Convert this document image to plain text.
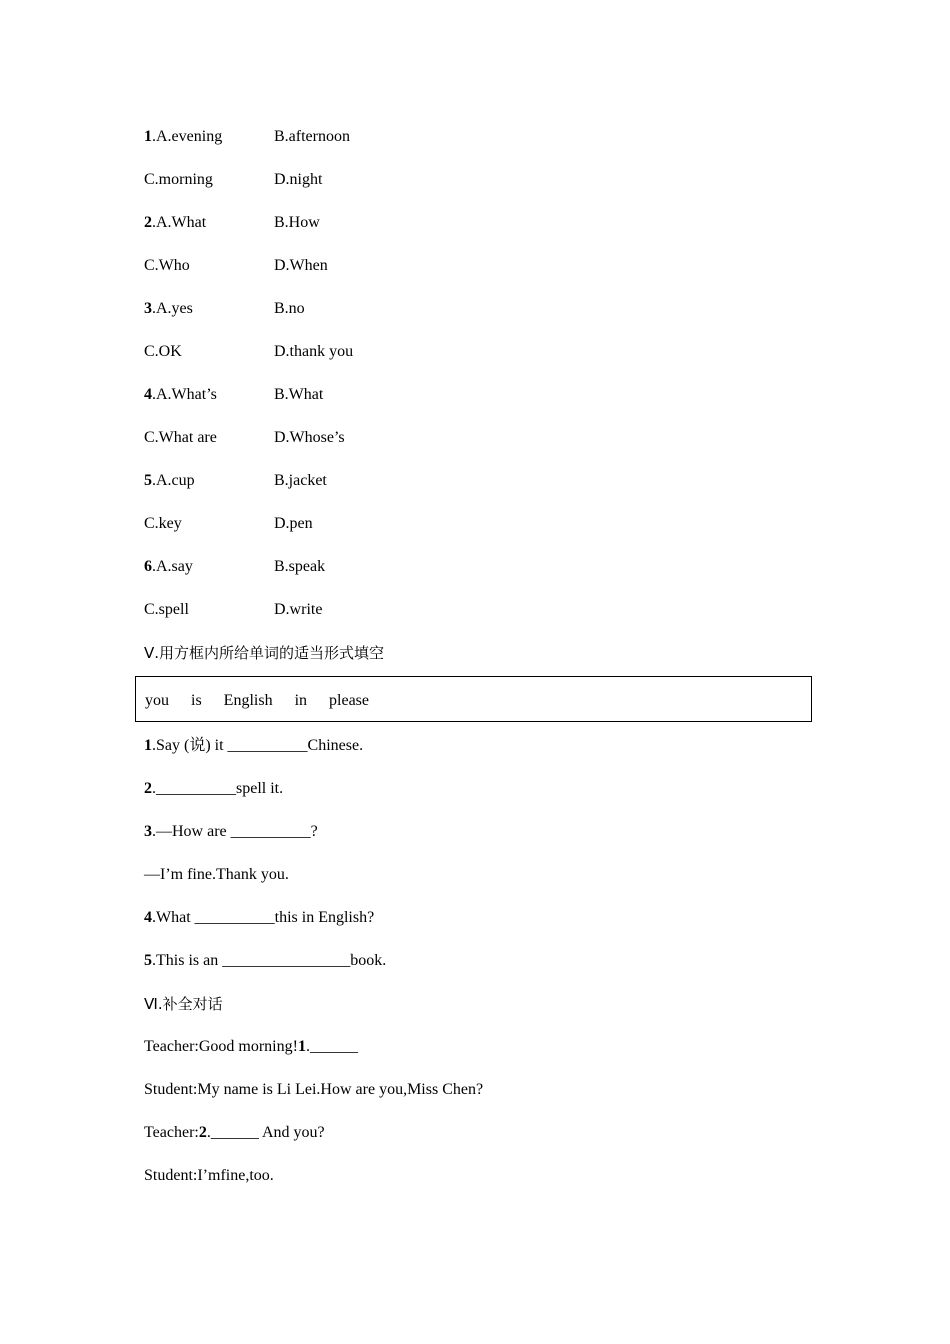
1.A.evening	B.afternoon
C.morning	D.night
2.A.What	B.How
C.Who	D.When
3.A.yes	B.no
C.OK	D.thank you
4.A.What’s	B.What
C.What are	D.Whose’s
5.A.cup	B.jacket
C.key	D.pen
6.A.say	B.speak
C.spell	D.write
Ⅴ.用方框内所给单词的适当形式填空
you is English in please
1.Say (说) it __________Chinese.
2.__________spell it.
3.—How are __________?
—I’m fine.Thank you.
4.What __________this in English?
5.This is an ________________book.
Ⅵ.补全对话
Teacher:Good morning!1.______
Student:My name is Li Lei.How are you,Miss Chen?
Teacher:2.______ And you?
Student:I’mfine,too.
